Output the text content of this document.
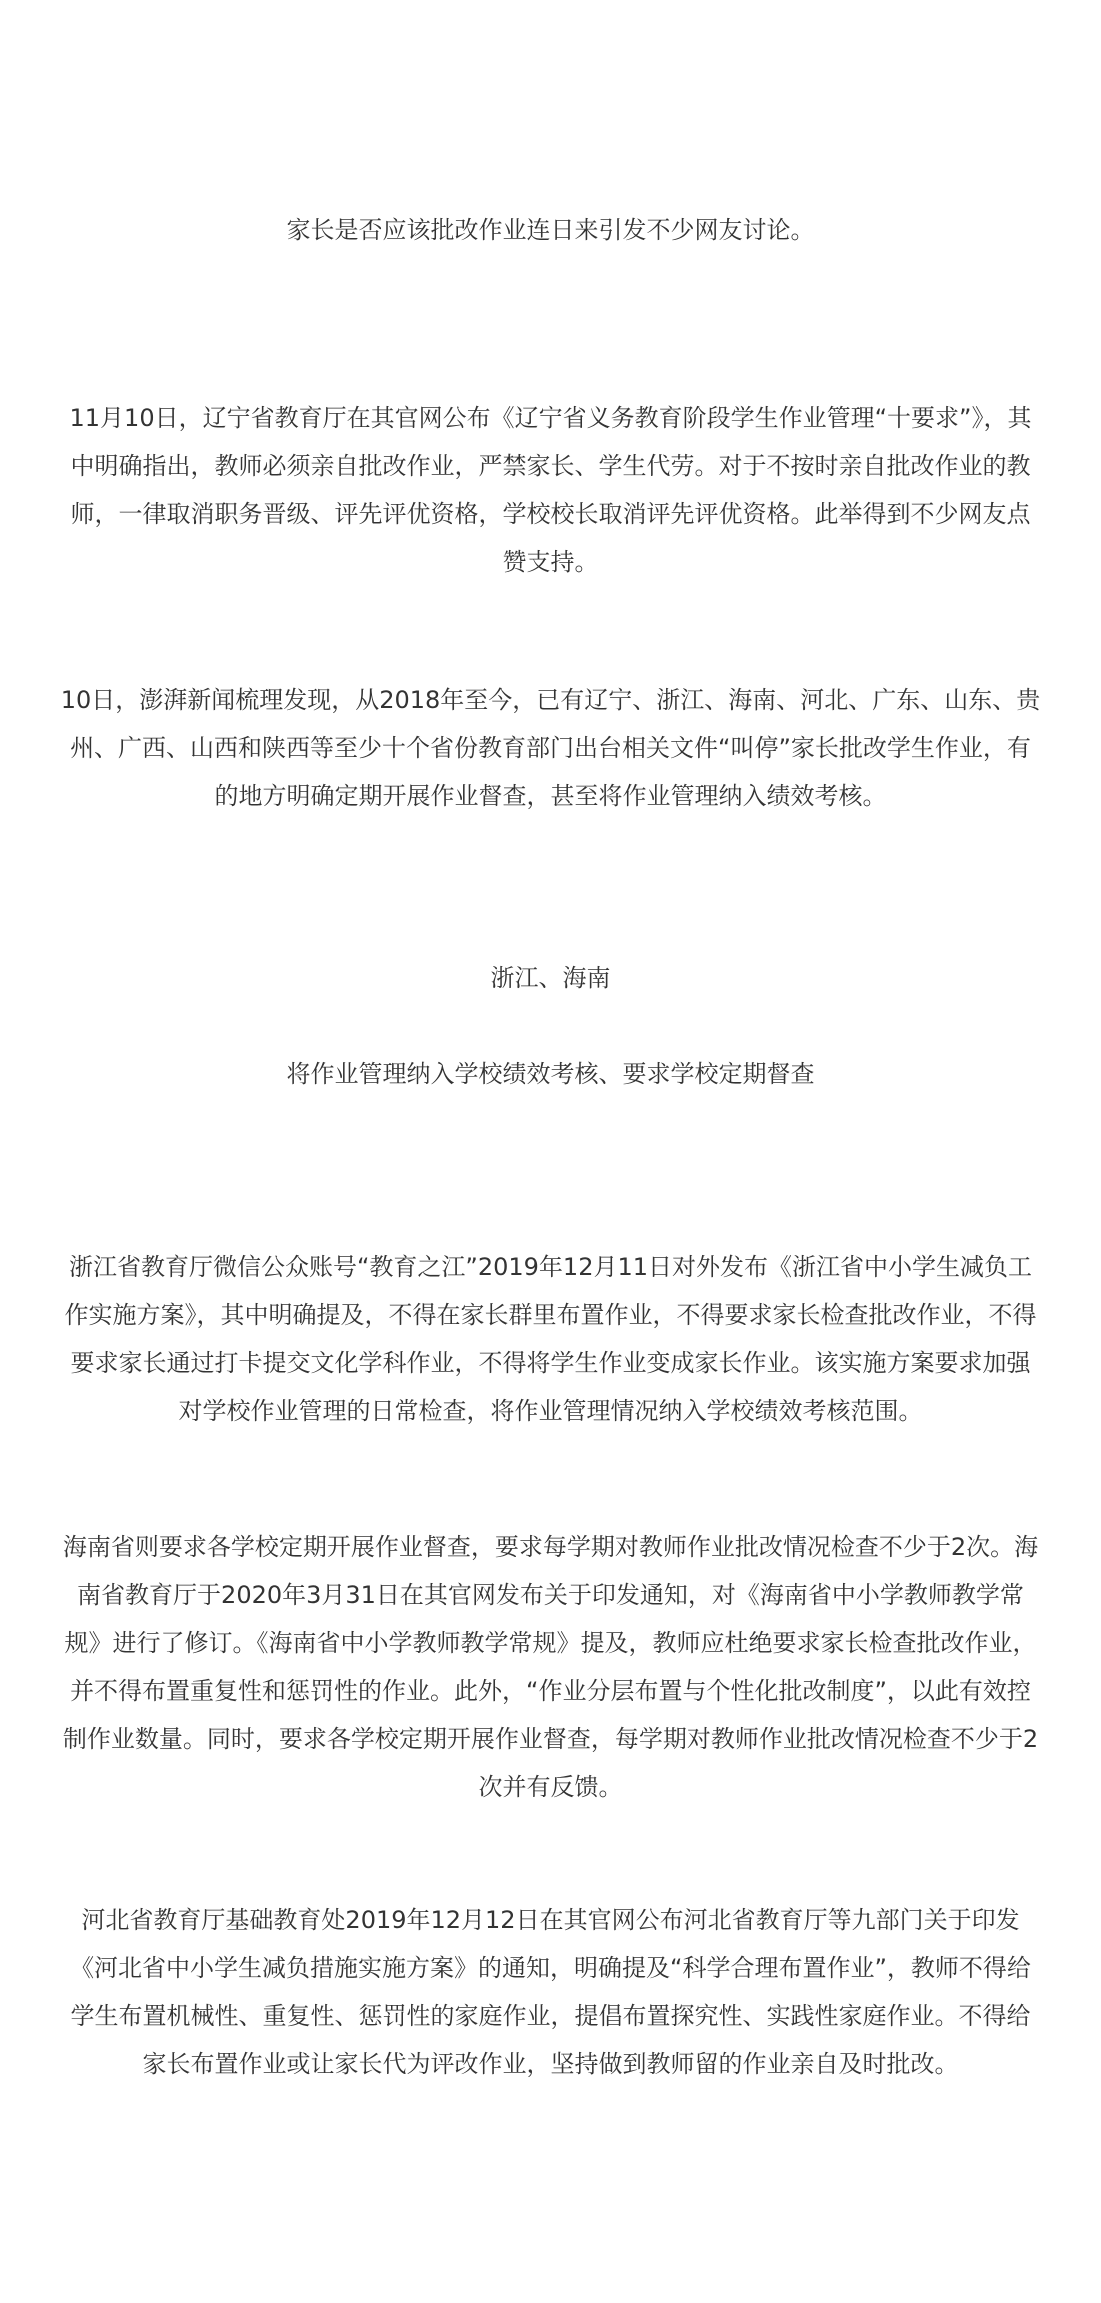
家长是否应该批改作业连日来引发不少网友讨论。

11月10日，辽宁省教育厅在其官网公布《辽宁省义务教育阶段学生作业管理“十要求”》，其中明确指出，教师必须亲自批改作业，严禁家长、学生代劳。对于不按时亲自批改作业的教师，一律取消职务晋级、评先评优资格，学校校长取消评先评优资格。此举得到不少网友点赞支持。

10日，澎湃新闻梳理发现，从2018年至今，已有辽宁、浙江、海南、河北、广东、山东、贵州、广西、山西和陕西等至少十个省份教育部门出台相关文件“叫停”家长批改学生作业，有的地方明确定期开展作业督查，甚至将作业管理纳入绩效考核。

浙江、海南

将作业管理纳入学校绩效考核、要求学校定期督查

浙江省教育厅微信公众账号“教育之江”2019年12月11日对外发布《浙江省中小学生减负工作实施方案》，其中明确提及，不得在家长群里布置作业，不得要求家长检查批改作业，不得要求家长通过打卡提交文化学科作业，不得将学生作业变成家长作业。该实施方案要求加强对学校作业管理的日常检查，将作业管理情况纳入学校绩效考核范围。

海南省则要求各学校定期开展作业督查，要求每学期对教师作业批改情况检查不少于2次。海南省教育厅于2020年3月31日在其官网发布关于印发通知，对《海南省中小学教师教学常规》进行了修订。《海南省中小学教师教学常规》提及，教师应杜绝要求家长检查批改作业，并不得布置重复性和惩罚性的作业。此外，“作业分层布置与个性化批改制度”，以此有效控制作业数量。同时，要求各学校定期开展作业督查，每学期对教师作业批改情况检查不少于2次并有反馈。

河北省教育厅基础教育处2019年12月12日在其官网公布河北省教育厅等九部门关于印发《河北省中小学生减负措施实施方案》的通知，明确提及“科学合理布置作业”，教师不得给学生布置机械性、重复性、惩罚性的家庭作业，提倡布置探究性、实践性家庭作业。不得给家长布置作业或让家长代为评改作业，坚持做到教师留的作业亲自及时批改。
